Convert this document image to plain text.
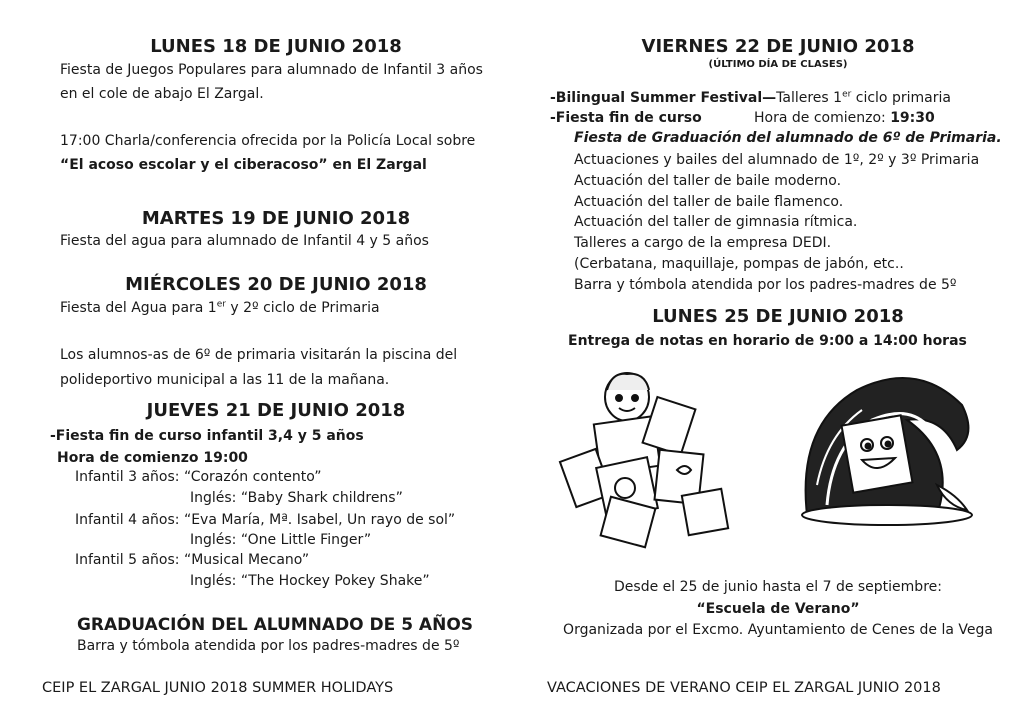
LUNES 18 DE JUNIO 2018
Fiesta de Juegos Populares para alumnado de Infantil 3 años
en el cole de abajo El Zargal.
17:00 Charla/conferencia ofrecida por la Policía Local sobre
“El acoso escolar y el ciberacoso” en El Zargal
MARTES 19 DE JUNIO 2018
Fiesta del agua para alumnado de Infantil 4 y 5 años
MIÉRCOLES 20 DE JUNIO 2018
Fiesta del Agua para 1er y 2º ciclo de Primaria
Los alumnos-as de 6º de primaria visitarán la piscina del
polideportivo municipal a las 11 de la mañana.
JUEVES 21 DE JUNIO 2018
-Fiesta fin de curso infantil 3,4 y 5 años
Hora de comienzo 19:00
Infantil 3 años: “Corazón contento”
Inglés: “Baby Shark childrens”
Infantil 4 años: “Eva María, Mª. Isabel, Un rayo de sol”
Inglés: “One Little Finger”
Infantil 5 años: “Musical Mecano”
Inglés: “The Hockey Pokey Shake”
GRADUACIÓN DEL ALUMNADO DE 5 AÑOS
Barra y tómbola atendida por los padres-madres de 5º
CEIP EL ZARGAL JUNIO 2018 SUMMER HOLIDAYS
VIERNES 22 DE JUNIO 2018
(ÚLTIMO DÍA DE CLASES)
-Bilingual Summer Festival—Talleres 1er ciclo primaria
-Fiesta fin de curso	Hora de comienzo: 19:30
Fiesta de Graduación del alumnado de 6º de Primaria.
Actuaciones y bailes del alumnado de 1º, 2º y 3º Primaria
Actuación del taller de baile moderno.
Actuación del taller de baile flamenco.
Actuación del taller de gimnasia rítmica.
Talleres a cargo de la empresa DEDI.
(Cerbatana, maquillaje, pompas de jabón, etc..
Barra y tómbola atendida por los padres-madres de 5º
LUNES 25 DE JUNIO 2018
Entrega de notas en horario de 9:00 a 14:00 horas
Desde el 25 de junio hasta el 7 de septiembre:
“Escuela de Verano”
Organizada por el Excmo. Ayuntamiento de Cenes de la Vega
VACACIONES DE VERANO CEIP EL ZARGAL JUNIO 2018
